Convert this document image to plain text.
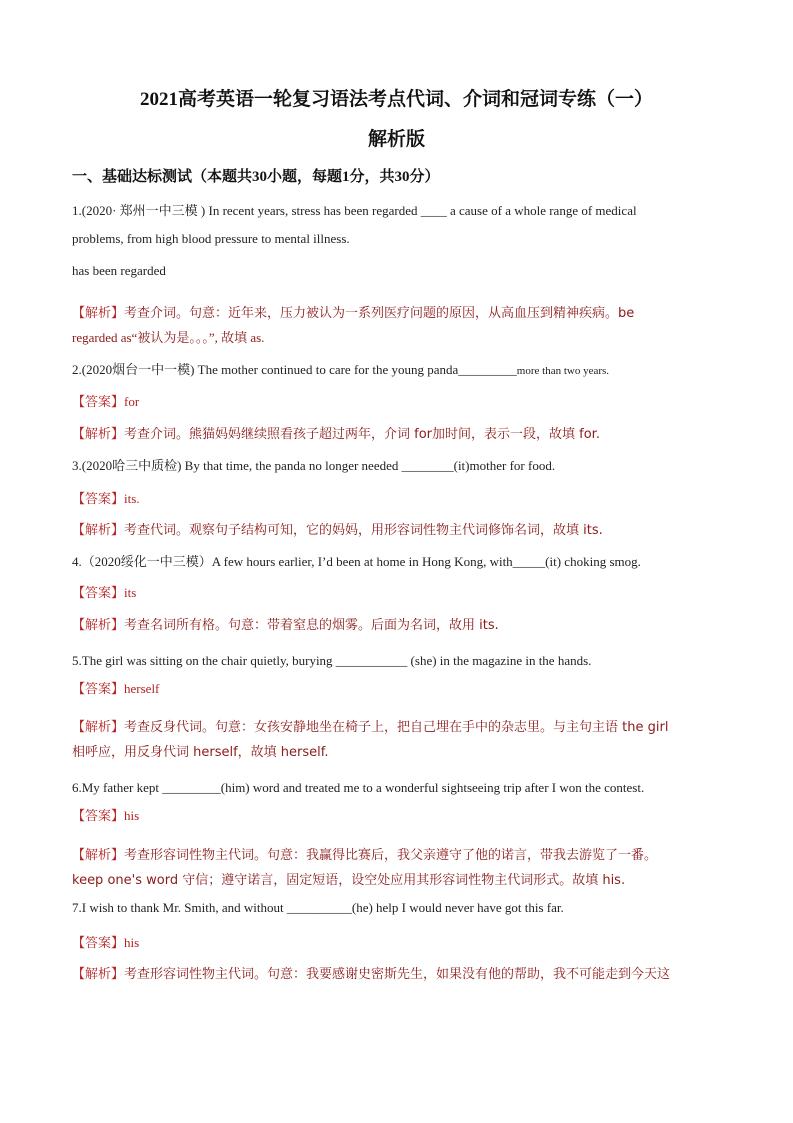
2021高考英语一轮复习语法考点代词、介词和冠词专练（一）
解析版
一、基础达标测试（本题共30小题，每题1分，共30分）
1.(2020· 郑州一中三模 ) In recent years, stress has been regarded ____ a cause of a whole range of medical
problems, from high blood pressure to mental illness.
has been regarded
【解析】考查介词。句意：近年来，压力被认为一系列医疗问题的原因，从高血压到精神疾病。be
regarded as“被认为是。。。”, 故填 as.
2.(2020烟台一中一模) The mother continued to care for the young panda_________more than two years.
【答案】for
【解析】考查介词。熊猫妈妈继续照看孩子超过两年，介词 for加时间，表示一段，故填 for.
3.(2020哈三中质检) By that time, the panda no longer needed ________(it)mother for food.
【答案】its.
【解析】考查代词。观察句子结构可知，它的妈妈，用形容词性物主代词修饰名词，故填 its.
4.（2020绥化一中三模）A few hours earlier, I’d been at home in Hong Kong, with_____(it) choking smog.
【答案】its
【解析】考查名词所有格。句意：带着窒息的烟雾。后面为名词，故用 its.
5.The girl was sitting on the chair quietly, burying ___________ (she) in the magazine in the hands.
【答案】herself
【解析】考查反身代词。句意：女孩安静地坐在椅子上，把自己埋在手中的杂志里。与主句主语 the girl
相呼应，用反身代词 herself，故填 herself.
6.My father kept _________(him) word and treated me to a wonderful sightseeing trip after I won the contest.
【答案】his
【解析】考查形容词性物主代词。句意：我赢得比赛后，我父亲遵守了他的诺言，带我去游览了一番。
keep one's word 守信；遵守诺言，固定短语，设空处应用其形容词性物主代词形式。故填 his.
7.I wish to thank Mr. Smith, and without __________(he) help I would never have got this far.
【答案】his
【解析】考查形容词性物主代词。句意：我要感谢史密斯先生，如果没有他的帮助，我不可能走到今天这
